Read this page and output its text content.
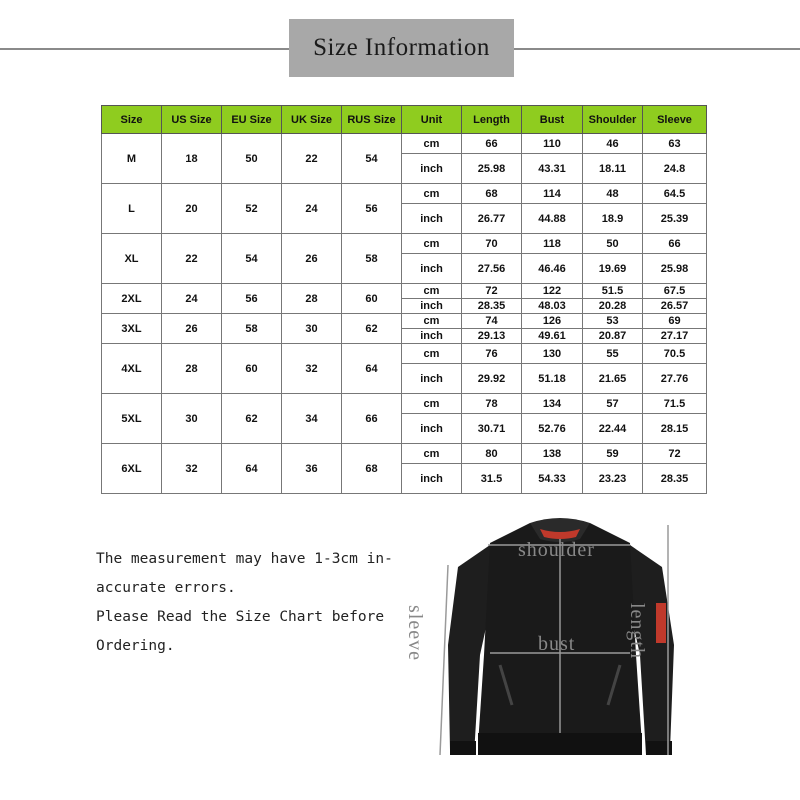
Size Information
Size	US Size	EU Size	UK Size	RUS Size	Unit	Length	Bust	Shoulder	Sleeve
M	18	50	22	54	cm	66	110	46	63
					inch	25.98	43.31	18.11	24.8
L	20	52	24	56	cm	68	114	48	64.5
					inch	26.77	44.88	18.9	25.39
XL	22	54	26	58	cm	70	118	50	66
					inch	27.56	46.46	19.69	25.98
2XL	24	56	28	60	cm	72	122	51.5	67.5
					inch	28.35	48.03	20.28	26.57
3XL	26	58	30	62	cm	74	126	53	69
					inch	29.13	49.61	20.87	27.17
4XL	28	60	32	64	cm	76	130	55	70.5
					inch	29.92	51.18	21.65	27.76
5XL	30	62	34	66	cm	78	134	57	71.5
					inch	30.71	52.76	22.44	28.15
6XL	32	64	36	68	cm	80	138	59	72
					inch	31.5	54.33	23.23	28.35

The measurement may have 1-3cm in-

accurate errors.

Please Read the Size Chart before

Ordering.

shoulder
bust	length
sleeve
